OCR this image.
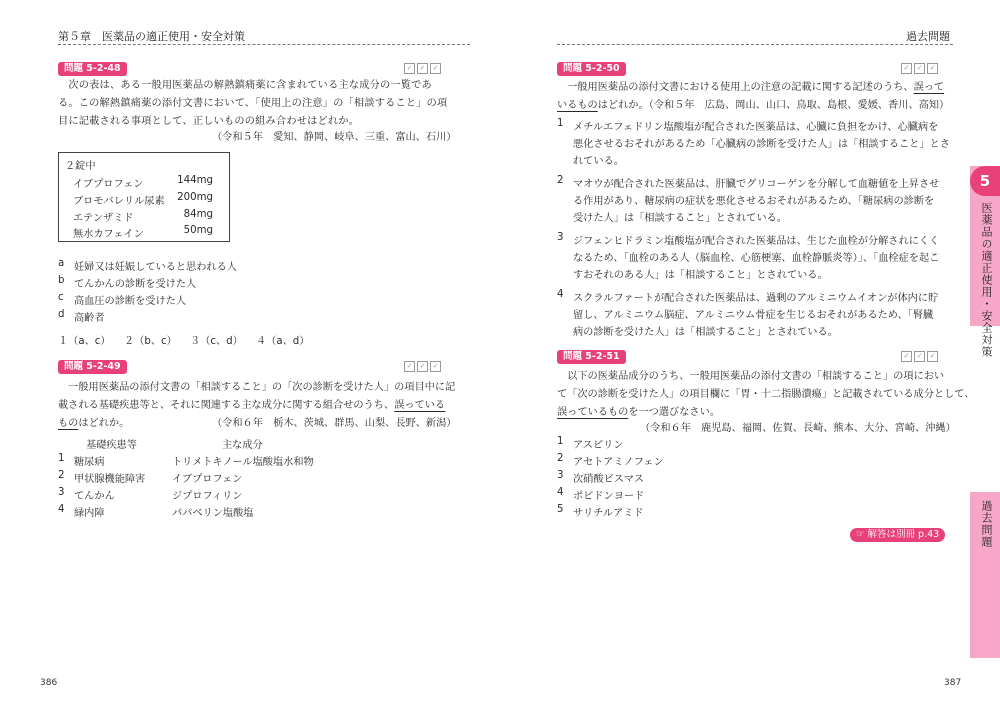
第５章　医薬品の適正使用・安全対策
問題 5-2-48	✓	✓	✓
　次の表は、ある一般用医薬品の解熱鎮痛薬に含まれている主な成分の一覧である。この解熱鎮痛薬の添付文書において、「使用上の注意」の「相談すること」の項目に記載される事項として、正しいものの組み合わせはどれか。
（令和５年　愛知、静岡、岐阜、三重、富山、石川）
２錠中
イブプロフェン	144mg
ブロモバレリル尿素 200mg
エテンザミド	84mg
無水カフェイン	50mg
a 妊婦又は妊娠していると思われる人
b てんかんの診断を受けた人
c 高血圧の診断を受けた人
d 高齢者
１（a、c） ２（b、c） ３（c、d） ４（a、d）
問題 5-2-49	✓	✓	✓
　一般用医薬品の添付文書の「相談すること」の「次の診断を受けた人」の項目中に記
載される基礎疾患等と、それに関連する主な成分に関する組合せのうち、誤っている
ものはどれか。	（令和６年　栃木、茨城、群馬、山梨、長野、新潟）
基礎疾患等	主な成分
1 糖尿病	トリメトキノール塩酸塩水和物
2 甲状腺機能障害	イブプロフェン
3 てんかん	ジプロフィリン
4 緑内障	パパベリン塩酸塩
386
過去問題
問題 5-2-50	✓	✓	✓
　一般用医薬品の添付文書における使用上の注意の記載に関する記述のうち、誤って
いるものはどれか。（令和５年　広島、岡山、山口、鳥取、島根、愛媛、香川、高知）
1 メチルエフェドリン塩酸塩が配合された医薬品は、心臓に負担をかけ、心臓病を
悪化させるおそれがあるため「心臓病の診断を受けた人」は「相談すること」とさ
れている。
2 マオウが配合された医薬品は、肝臓でグリコーゲンを分解して血糖値を上昇させ
る作用があり、糖尿病の症状を悪化させるおそれがあるため、「糖尿病の診断を
受けた人」は「相談すること」とされている。
3 ジフェンヒドラミン塩酸塩が配合された医薬品は、生じた血栓が分解されにくく
なるため、「血栓のある人（脳血栓、心筋梗塞、血栓静脈炎等）」、「血栓症を起こ
すおそれのある人」は「相談すること」とされている。
4 スクラルファートが配合された医薬品は、過剰のアルミニウムイオンが体内に貯
留し、アルミニウム脳症、アルミニウム骨症を生じるおそれがあるため、「腎臓
病の診断を受けた人」は「相談すること」とされている。
問題 5-2-51	✓	✓	✓
　以下の医薬品成分のうち、一般用医薬品の添付文書の「相談すること」の項におい
て「次の診断を受けた人」の項目欄に「胃・十二指腸潰瘍」と記載されている成分として、
誤っているものを一つ選びなさい。
（令和６年　鹿児島、福岡、佐賀、長崎、熊本、大分、宮崎、沖縄）
1 アスピリン
2 アセトアミノフェン
3 次硝酸ビスマス
4 ポビドンヨード
5 サリチルアミド
387
☞ 解答は別冊 p.43
5
医薬品の適正使用・安全対策
過去問題
